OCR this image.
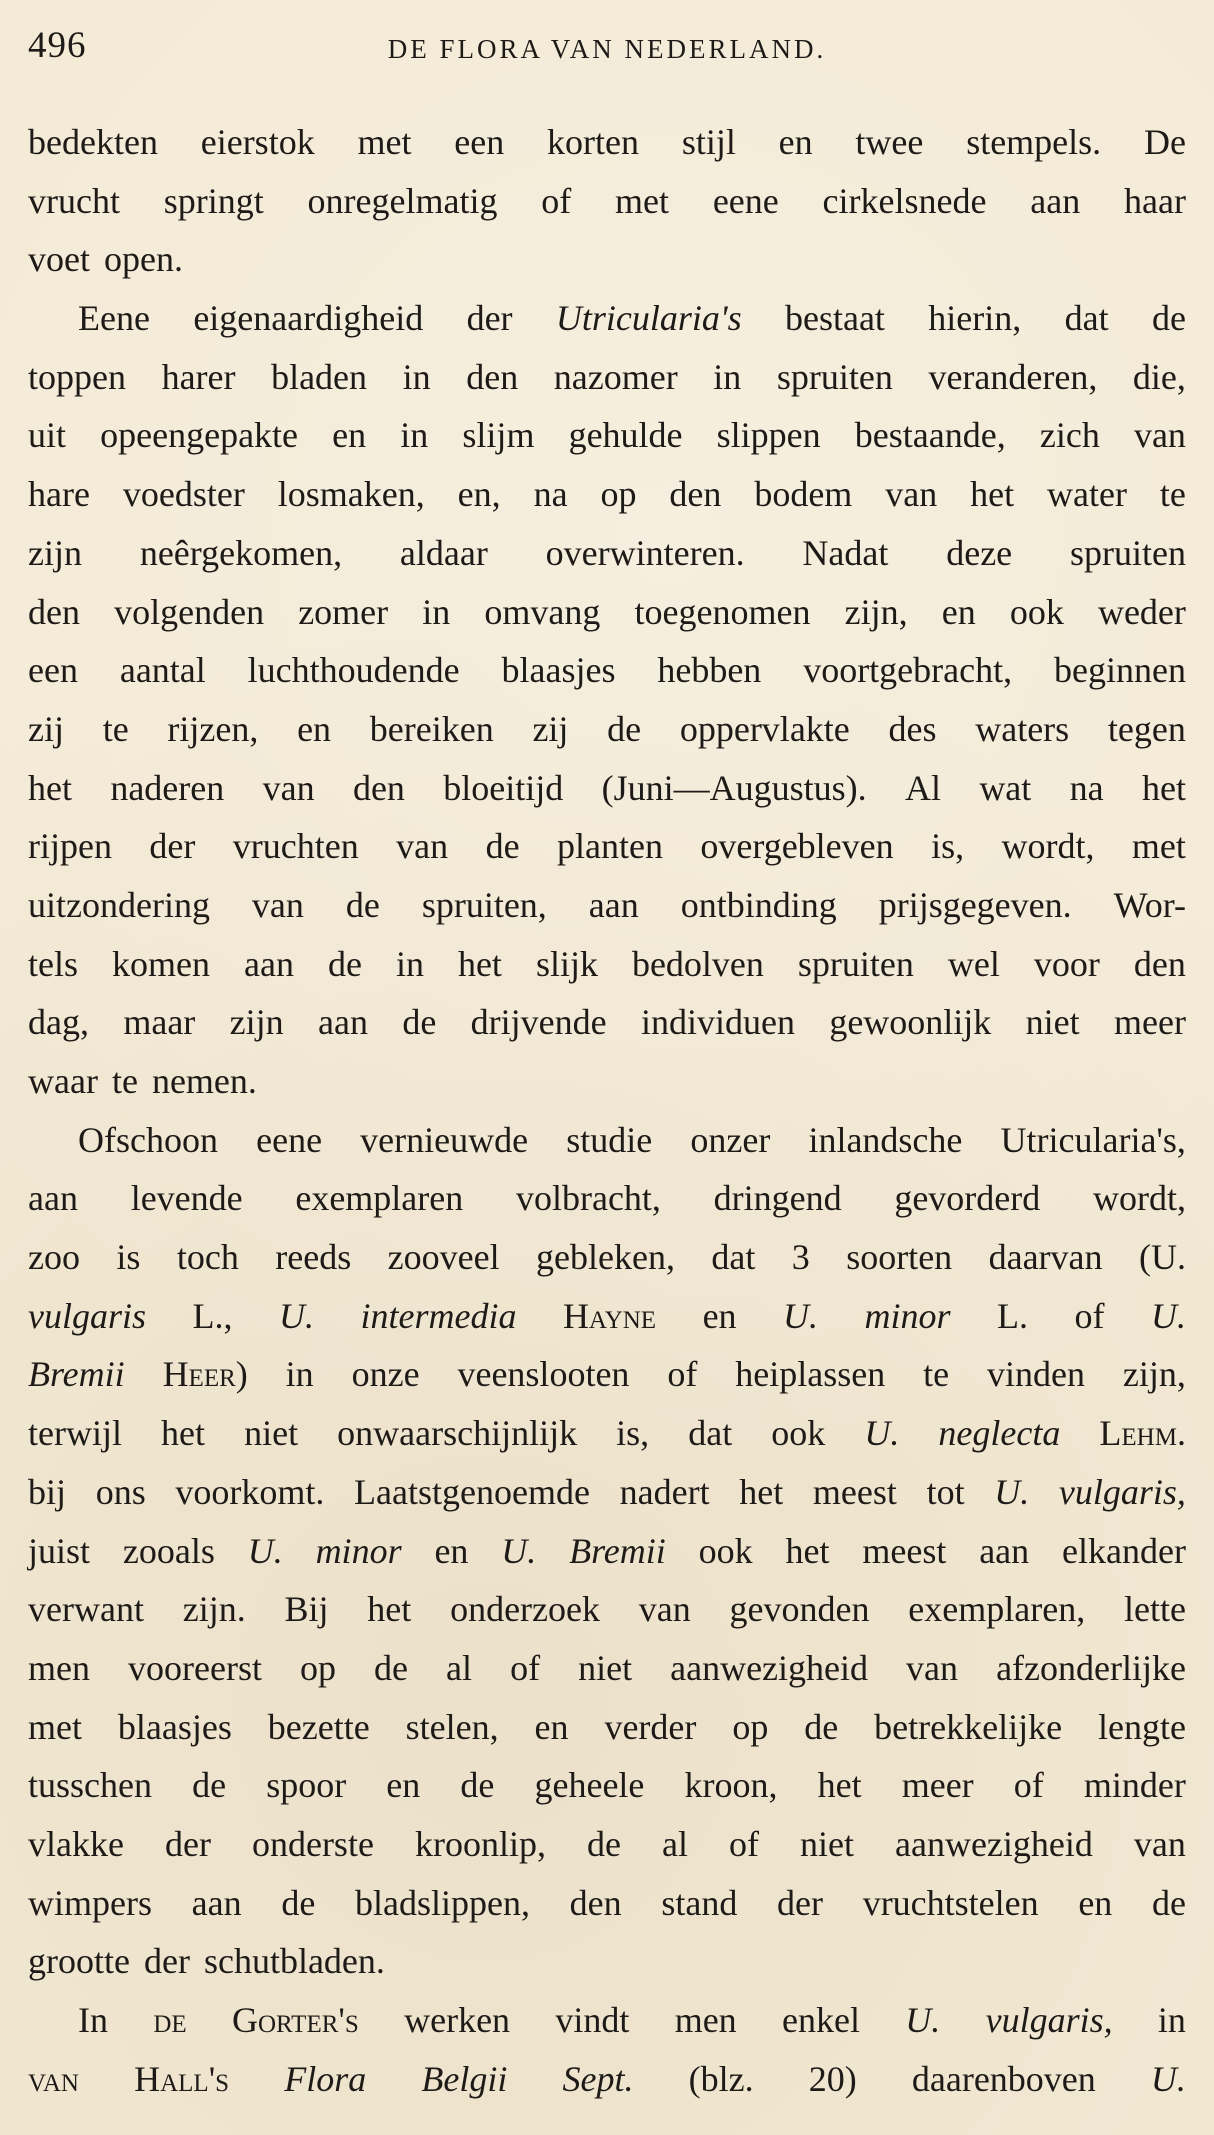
496	DE FLORA VAN NEDERLAND.
bedekten eierstok met een korten stijl en twee stempels. De
vrucht springt onregelmatig of met eene cirkelsnede aan haar
voet open.
Eene eigenaardigheid der Utricularia's bestaat hierin, dat de
toppen harer bladen in den nazomer in spruiten veranderen, die,
uit opeengepakte en in slijm gehulde slippen bestaande, zich van
hare voedster losmaken, en, na op den bodem van het water te
zijn neêrgekomen, aldaar overwinteren. Nadat deze spruiten
den volgenden zomer in omvang toegenomen zijn, en ook weder
een aantal luchthoudende blaasjes hebben voortgebracht, beginnen
zij te rijzen, en bereiken zij de oppervlakte des waters tegen
het naderen van den bloeitijd (Juni—Augustus). Al wat na het
rijpen der vruchten van de planten overgebleven is, wordt, met
uitzondering van de spruiten, aan ontbinding prijsgegeven. Wor-
tels komen aan de in het slijk bedolven spruiten wel voor den
dag, maar zijn aan de drijvende individuen gewoonlijk niet meer
waar te nemen.
Ofschoon eene vernieuwde studie onzer inlandsche Utricularia's,
aan levende exemplaren volbracht, dringend gevorderd wordt,
zoo is toch reeds zooveel gebleken, dat 3 soorten daarvan (U.
vulgaris L., U. intermedia Hayne en U. minor L. of U.
Bremii Heer) in onze veenslooten of heiplassen te vinden zijn,
terwijl het niet onwaarschijnlijk is, dat ook U. neglecta Lehm.
bij ons voorkomt. Laatstgenoemde nadert het meest tot U. vulgaris,
juist zooals U. minor en U. Bremii ook het meest aan elkander
verwant zijn. Bij het onderzoek van gevonden exemplaren, lette
men vooreerst op de al of niet aanwezigheid van afzonderlijke
met blaasjes bezette stelen, en verder op de betrekkelijke lengte
tusschen de spoor en de geheele kroon, het meer of minder
vlakke der onderste kroonlip, de al of niet aanwezigheid van
wimpers aan de bladslippen, den stand der vruchtstelen en de
grootte der schutbladen.
In de Gorter's werken vindt men enkel U. vulgaris, in
van Hall's Flora Belgii Sept. (blz. 20) daarenboven U.
